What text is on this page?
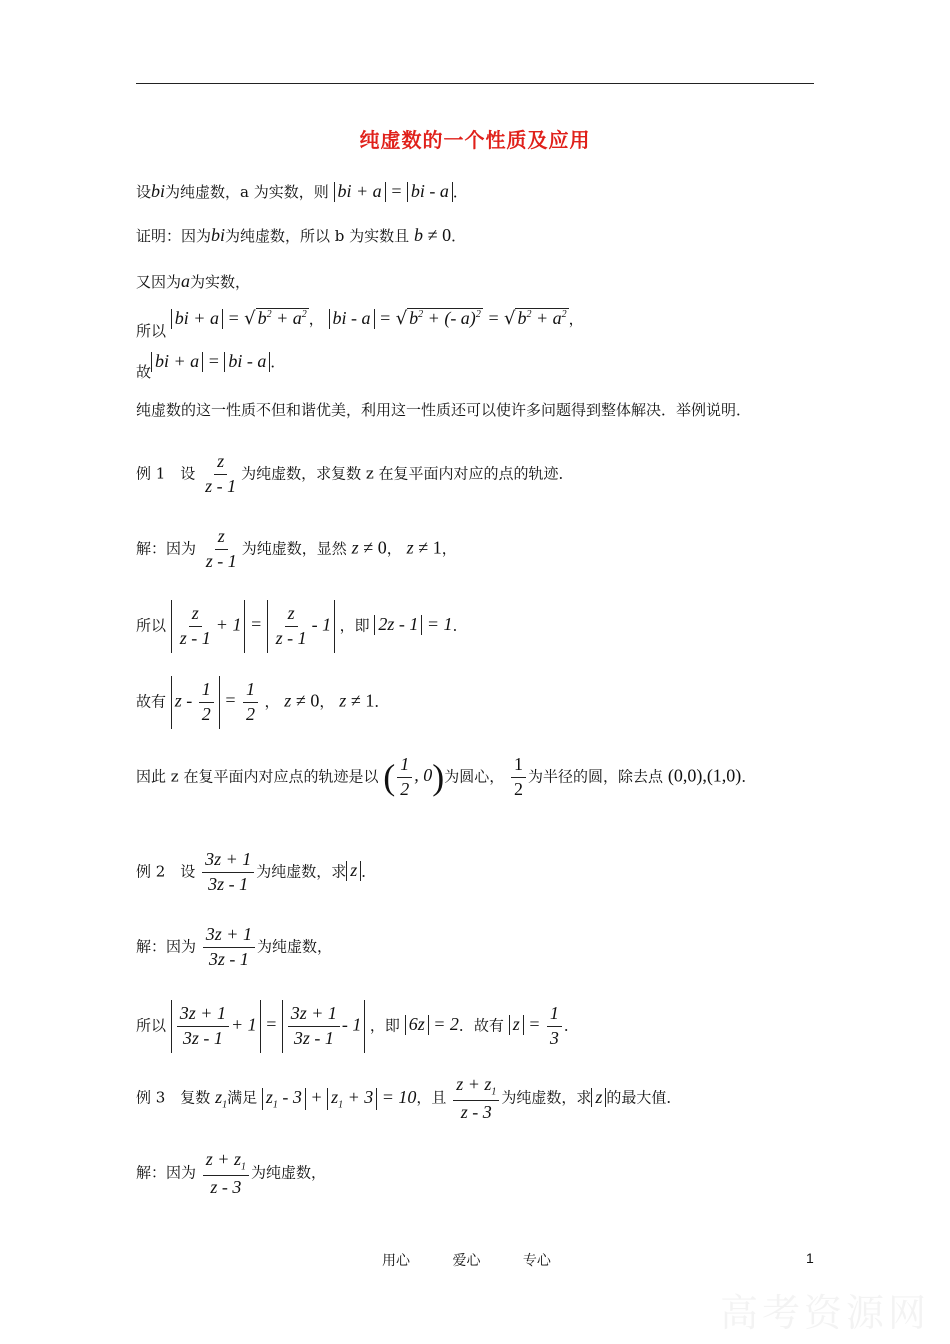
纯虚数的一个性质及应用
设bi为纯虚数，a 为实数，则 bi + a = bi - a ．
证明：因为bi为纯虚数，所以 b 为实数且 b ≠ 0．
又因为a为实数，
所以 bi + a = √ $b^2 + a^2$ ， bi - a = √ $b^2$ + (- a)$^2$ = √ $b^2 + a^2$ ，
故bi + a = bi - a ．
纯虚数的这一性质不但和谐优美，利用这一性质还可以使许多问题得到整体解决．举例说明．
例 1　设 $\frac{z}{z - 1}$ 为纯虚数，求复数 z 在复平面内对应的点的轨迹．
解：因为 $\frac{z}{z - 1}$ 为纯虚数，显然 z ≠ 0， z ≠ 1，
所以 $\frac{z}{z - 1} + 1 = \frac{z}{z - 1} - 1$ ，即 2z - 1 = 1．
故有 $z - \frac{1}{2} = \frac{1}{2}$ ， z ≠ 0， z ≠ 1．
因此 z 在复平面内对应点的轨迹是以 ( $\frac{1}{2}$ , 0)为圆心， $\frac{1}{2}$ 为半径的圆，除去点 (0,0),(1,0)．
例 2　设 $\frac{3z + 1}{3z - 1}$ 为纯虚数，求 z ．
解：因为 $\frac{3z + 1}{3z - 1}$ 为纯虚数，
所以 $\frac{3z + 1}{3z - 1} + 1 = \frac{3z + 1}{3z - 1} - 1$ ，即 6z = 2．故有 $z = \frac{1}{3}$ ．
例 3　复数 $z_1$满足 $z_1 - 3 + z_1 + 3 = 10$，且 $\frac{z + z_1}{z - 3}$ 为纯虚数，求 z 的最大值．
解：因为 $\frac{z + z_1}{z - 3}$ 为纯虚数，
用心	爱心	专心	1
高考资源网
